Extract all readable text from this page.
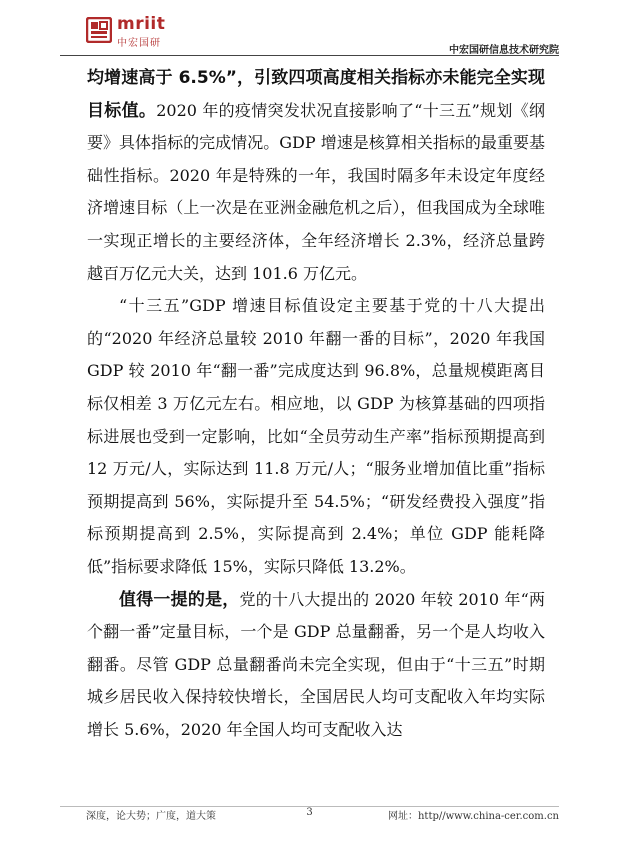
mriit
中宏国研
中宏国研信息技术研究院

均增速高于 6.5%”，引致四项高度相关指标亦未能完全实现目标值。2020 年的疫情突发状况直接影响了“十三五”规划《纲要》具体指标的完成情况。GDP 增速是核算相关指标的最重要基础性指标。2020 年是特殊的一年，我国时隔多年未设定年度经济增速目标（上一次是在亚洲金融危机之后），但我国成为全球唯一实现正增长的主要经济体，全年经济增长 2.3%，经济总量跨越百万亿元大关，达到 101.6 万亿元。

“十三五”GDP 增速目标值设定主要基于党的十八大提出的“2020 年经济总量较 2010 年翻一番的目标”，2020 年我国 GDP 较 2010 年“翻一番”完成度达到 96.8%，总量规模距离目标仅相差 3 万亿元左右。相应地，以 GDP 为核算基础的四项指标进展也受到一定影响，比如“全员劳动生产率”指标预期提高到 12 万元/人，实际达到 11.8 万元/人；“服务业增加值比重”指标预期提高到 56%，实际提升至 54.5%；“研发经费投入强度”指标预期提高到 2.5%，实际提高到 2.4%；单位 GDP 能耗降低”指标要求降低 15%，实际只降低 13.2%。

值得一提的是，党的十八大提出的 2020 年较 2010 年“两个翻一番”定量目标，一个是 GDP 总量翻番，另一个是人均收入翻番。尽管 GDP 总量翻番尚未完全实现，但由于“十三五”时期城乡居民收入保持较快增长，全国居民人均可支配收入年均实际增长 5.6%，2020 年全国人均可支配收入达

深度，论大势；广度，道大策	3	网址：http//www.china-cer.com.cn
